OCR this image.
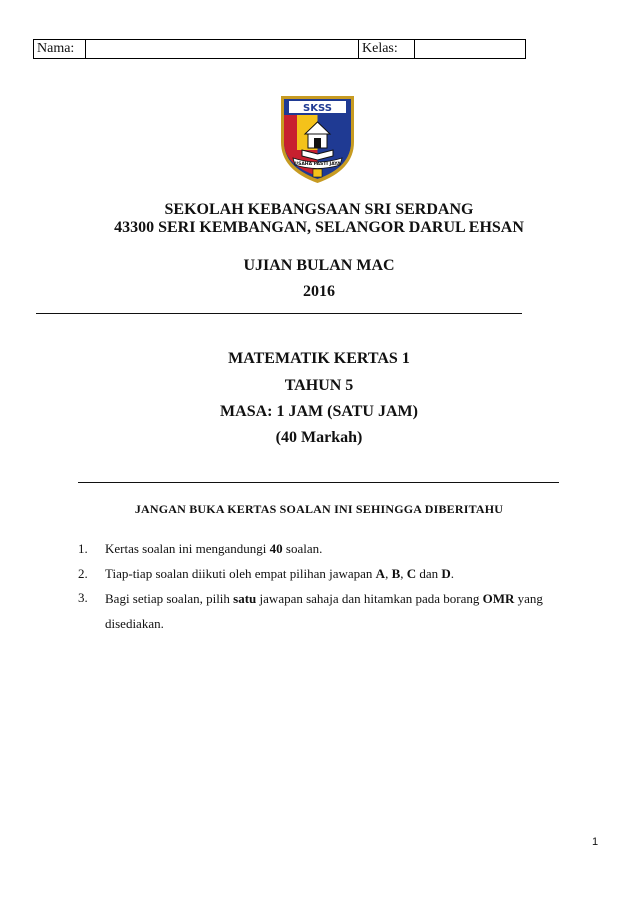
Nama:	Kelas:
SKSS
USAHA PASTI JAYA
SEKOLAH KEBANGSAAN SRI SERDANG
43300 SERI KEMBANGAN, SELANGOR DARUL EHSAN
UJIAN BULAN MAC
2016
MATEMATIK KERTAS 1
TAHUN 5
MASA: 1 JAM (SATU JAM)
(40 Markah)
JANGAN BUKA KERTAS SOALAN INI SEHINGGA DIBERITAHU
1. Kertas soalan ini mengandungi 40 soalan.
2. Tiap-tiap soalan diikuti oleh empat pilihan jawapan A, B, C dan D.
3. Bagi setiap soalan, pilih satu jawapan sahaja dan hitamkan pada borang OMR yang disediakan.
1
